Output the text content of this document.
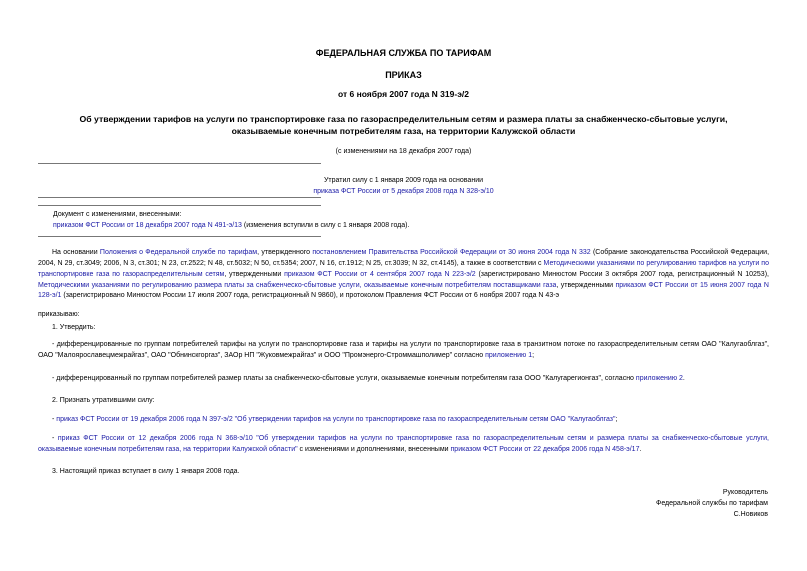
ФЕДЕРАЛЬНАЯ СЛУЖБА ПО ТАРИФАМ
ПРИКАЗ
от 6 ноября 2007 года N 319-э/2
Об утверждении тарифов на услуги по транспортировке газа по газораспределительным сетям и размера платы за снабженческо-сбытовые услуги, оказываемые конечным потребителям газа, на территории Калужской области
(с изменениями на 18 декабря 2007 года)
Утратил силу с 1 января 2009 года на основании
приказа ФСТ России от 5 декабря 2008 года N 328-э/10
Документ с изменениями, внесенными:
приказом ФСТ России от 18 декабря 2007 года N 491-э/13 (изменения вступили в силу с 1 января 2008 года).

На основании Положения о Федеральной службе по тарифам, утвержденного постановлением Правительства Российской Федерации от 30 июня 2004 года N 332 (Собрание законодательства Российской Федерации, 2004, N 29, ст.3049; 2006, N 3, ст.301; N 23, ст.2522; N 48, ст.5032; N 50, ст.5354; 2007, N 16, ст.1912; N 25, ст.3039; N 32, ст.4145), а также в соответствии с Методическими указаниями по регулированию тарифов на услуги по транспортировке газа по газораспределительным сетям, утвержденными приказом ФСТ России от 4 сентября 2007 года N 223-э/2 (зарегистрировано Минюстом России 3 октября 2007 года, регистрационный N 10253), Методическими указаниями по регулированию размера платы за снабженческо-сбытовые услуги, оказываемые конечным потребителям поставщиками газа, утвержденными приказом ФСТ России от 15 июня 2007 года N 128-э/1 (зарегистрировано Минюстом России 17 июля 2007 года, регистрационный N 9860), и протоколом Правления ФСТ России от 6 ноября 2007 года N 43-э

приказываю:
1. Утвердить:
- дифференцированные по группам потребителей тарифы на услуги по транспортировке газа и тарифы на услуги по транспортировке газа в транзитном потоке по газораспределительным сетям ОАО "Калугаоблгаз", ОАО "Малоярославецмежрайгаз", ОАО "Обнинскгоргаз", ЗАОр НП "Жуковмежрайгаз" и ООО "Промэнерго-Строммашполимер" согласно приложению 1;
- дифференцированный по группам потребителей размер платы за снабженческо-сбытовые услуги, оказываемые конечным потребителям газа ООО "Калугарегионгаз", согласно приложению 2.
2. Признать утратившими силу:
- приказ ФСТ России от 19 декабря 2006 года N 397-э/2 "Об утверждении тарифов на услуги по транспортировке газа по газораспределительным сетям ОАО "Калугаоблгаз";
- приказ ФСТ России от 12 декабря 2006 года N 368-э/10 "Об утверждении тарифов на услуги по транспортировке газа по газораспределительным сетям и размера платы за снабженческо-сбытовые услуги, оказываемые конечным потребителям газа, на территории Калужской области" с изменениями и дополнениями, внесенными приказом ФСТ России от 22 декабря 2006 года N 458-э/17.
3. Настоящий приказ вступает в силу 1 января 2008 года.
Руководитель
Федеральной службы по тарифам
С.Новиков
